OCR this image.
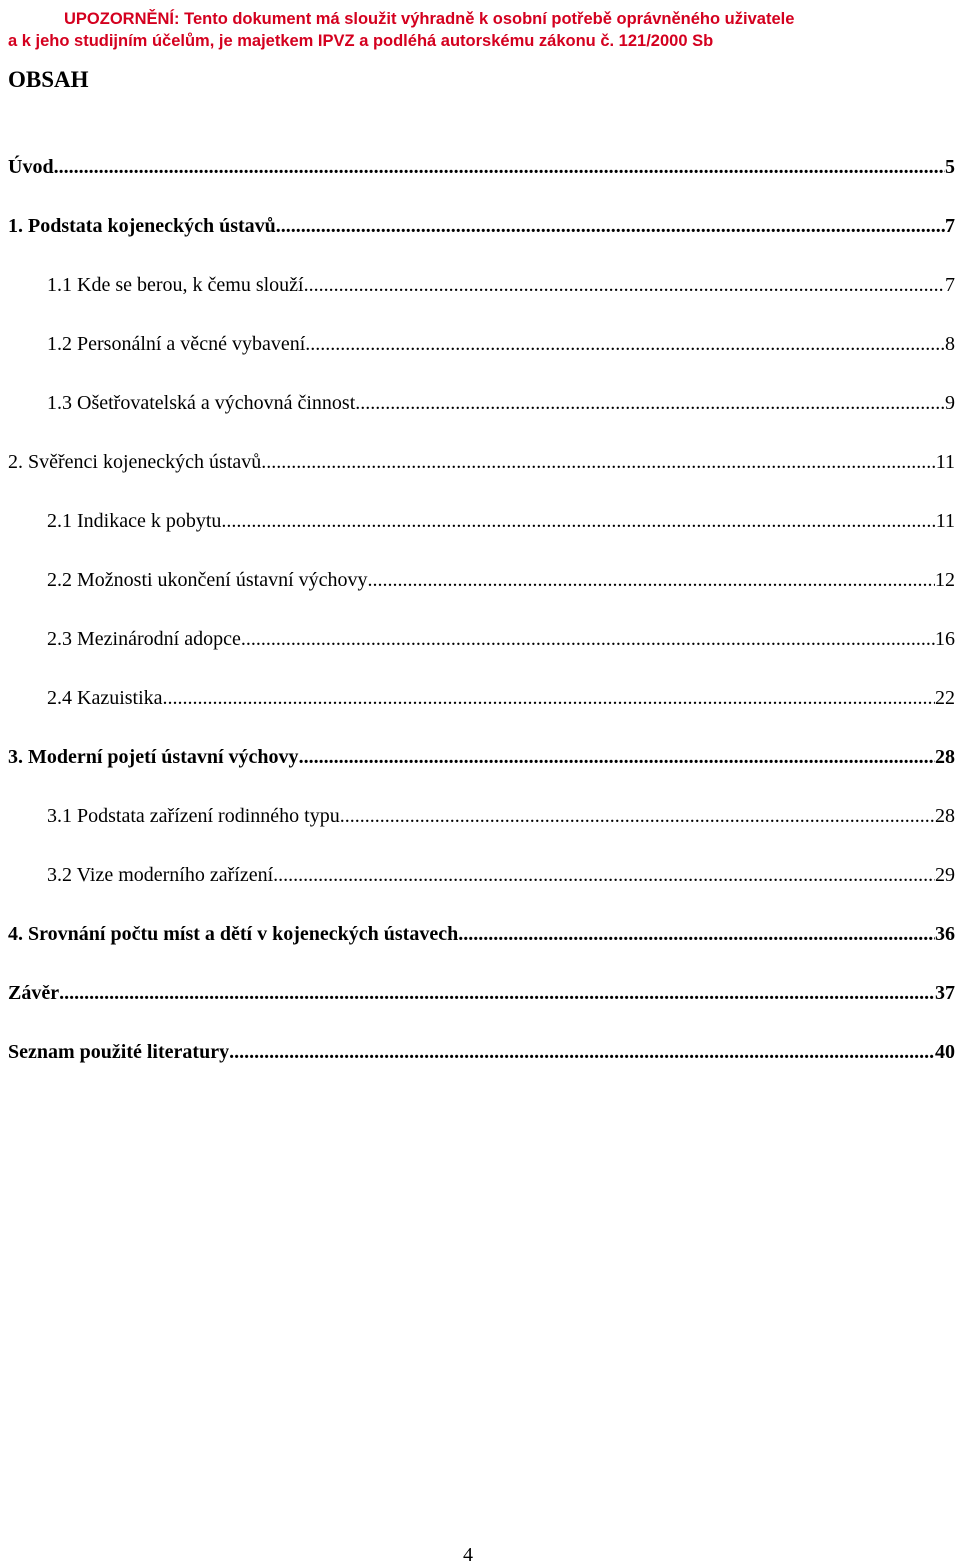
UPOZORNĚNÍ: Tento dokument má sloužit výhradně k osobní potřebě oprávněného uživatele
a k jeho studijním účelům, je majetkem IPVZ a podléhá autorskému zákonu č. 121/2000 Sb
OBSAH
Úvod .....	5
1. Podstata kojeneckých ústavů .....	7
1.1 Kde se berou, k čemu slouží .....	7
1.2 Personální a věcné vybavení .....	8
1.3 Ošetřovatelská a výchovná činnost .....	9
2. Svěřenci kojeneckých ústavů .....	11
2.1 Indikace k pobytu .....	11
2.2 Možnosti ukončení ústavní výchovy .....	12
2.3 Mezinárodní adopce .....	16
2.4 Kazuistika .....	22
3. Moderní pojetí ústavní výchovy .....	28
3.1 Podstata zařízení rodinného typu .....	28
3.2 Vize moderního zařízení .....	29
4. Srovnání počtu míst a dětí v kojeneckých ústavech .....	36
Závěr .....	37
Seznam použité literatury .....	40
4
